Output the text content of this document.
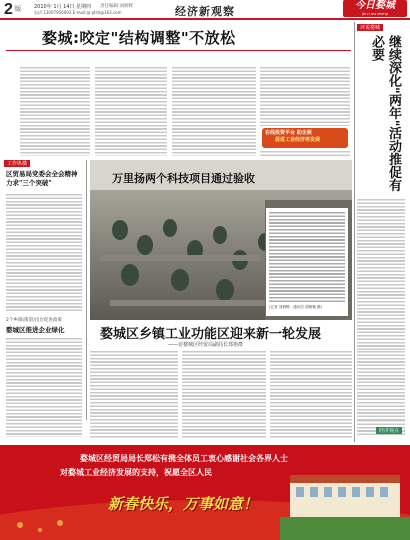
2 版	2010年 1月 14日 星期四 责任编辑:刘炳辉
电话:13007956093 E-mail:@ ptrb@163.com	经济新观察	今日婺城
jin ri wu cheng
婺城:咬定"结构调整"不放松
在线投资平台 助企展
促进工业经济再发展
评说婺城
继续深化"两年"活动推促有必要
工作纵横
区贸易局党委会全会精神力求"三个突破"
2个乡镇(街道)出台促进政策
婺城区推进企业绿化
万里扬两个科技项目通过验收
(记者 刘炳辉、通讯员 胡相顺 摄)
婺城区乡镇工业功能区迎来新一轮发展
——访婺城区经贸局副局长郑艳群
经济视点
婺城区经贸局局长郑松有携全体员工衷心感谢社会各界人士
对婺城工业经济发展的支持，祝愿全区人民
新春快乐，万事如意！
